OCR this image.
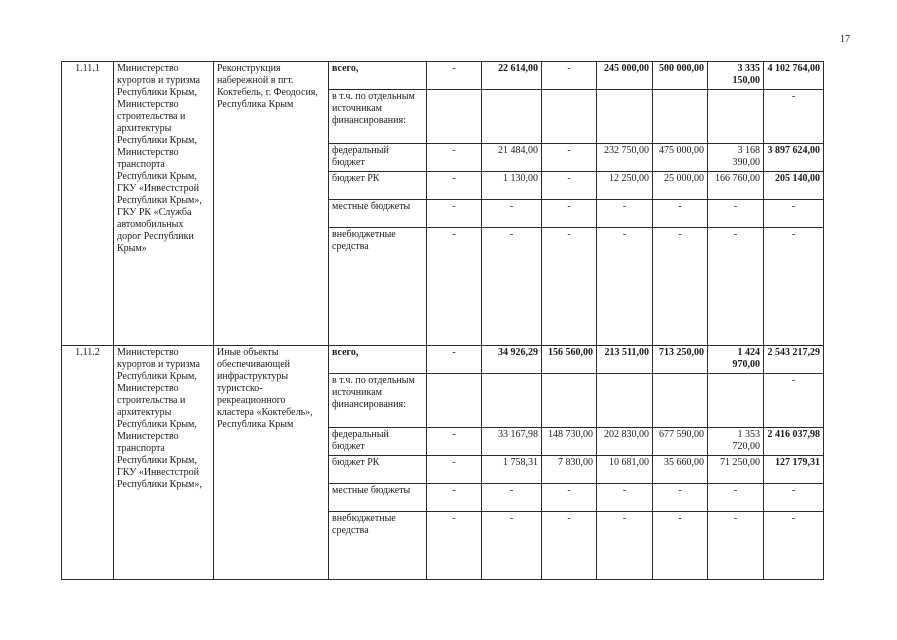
17
1.11.1	Министерство курортов и туризма Республики Крым, Министерство строительства и архитектуры Республики Крым, Министерство транспорта Республики Крым, ГКУ «Инвестстрой Республики Крым», ГКУ РК «Служба автомобильных дорог Республики Крым»	Реконструкция набережной в пгт. Коктебель, г. Феодосия, Республика Крым	всего,	-	22 614,00	-	245 000,00	500 000,00	3 335 150,00	4 102 764,00
			в т.ч. по отдельным источникам финансирования:							-
			федеральный бюджет	-	21 484,00	-	232 750,00	475 000,00	3 168 390,00	3 897 624,00
			бюджет РК	-	1 130,00	-	12 250,00	25 000,00	166 760,00	205 140,00
			местные бюджеты	-	-	-	-	-	-	-
			внебюджетные средства	-	-	-	-	-	-	-
1.11.2	Министерство курортов и туризма Республики Крым, Министерство строительства и архитектуры Республики Крым, Министерство транспорта Республики Крым, ГКУ «Инвестстрой Республики Крым»,	Иные объекты обеспечивающей инфраструктуры туристско-рекреационного кластера «Коктебель», Республика Крым	всего,	-	34 926,29	156 560,00	213 511,00	713 250,00	1 424 970,00	2 543 217,29
			в т.ч. по отдельным источникам финансирования:							-
			федеральный бюджет	-	33 167,98	148 730,00	202 830,00	677 590,00	1 353 720,00	2 416 037,98
			бюджет РК	-	1 758,31	7 830,00	10 681,00	35 660,00	71 250,00	127 179,31
			местные бюджеты	-	-	-	-	-	-	-
			внебюджетные средства	-	-	-	-	-	-	-
